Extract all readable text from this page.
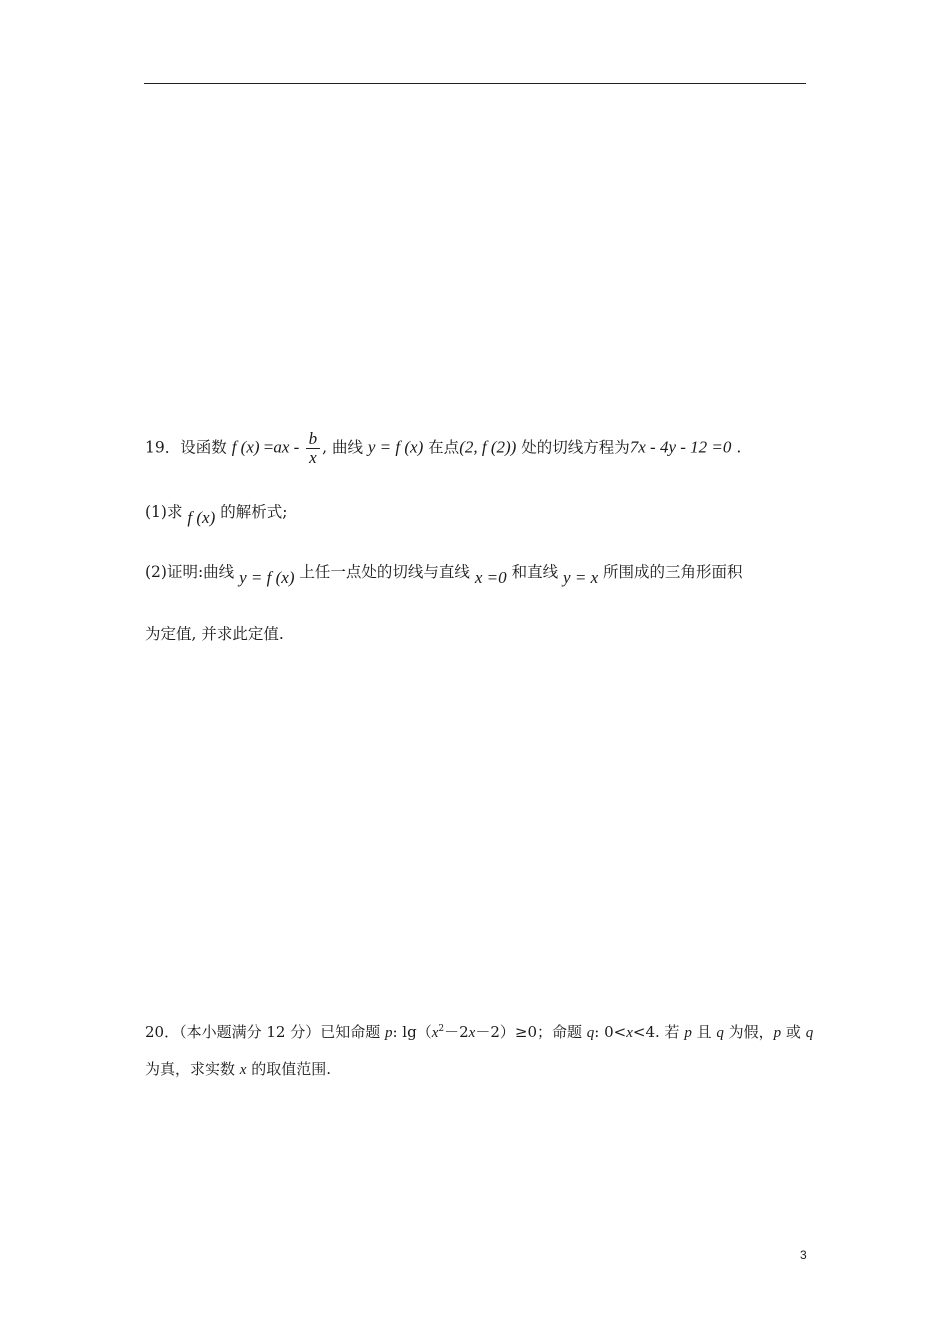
19．设函数 f $(x) =ax - \frac{b}{x}$ , 曲线 y = f (x) 在点(2, f (2)) 处的切线方程为7x - 4y - 12 =0 .
(1)求 f (x) 的解析式;
(2)证明:曲线 y = f (x) 上任一点处的切线与直线 x =0 和直线 y = x 所围成的三角形面积
为定值, 并求此定值.
20．（本小题满分 12 分）已知命题 p: $\lg(x^2-2x-2)\ge 0$；命题 q: 0<x<4. 若 p 且 q 为假，p 或 q
为真，求实数 x 的取值范围.
3
